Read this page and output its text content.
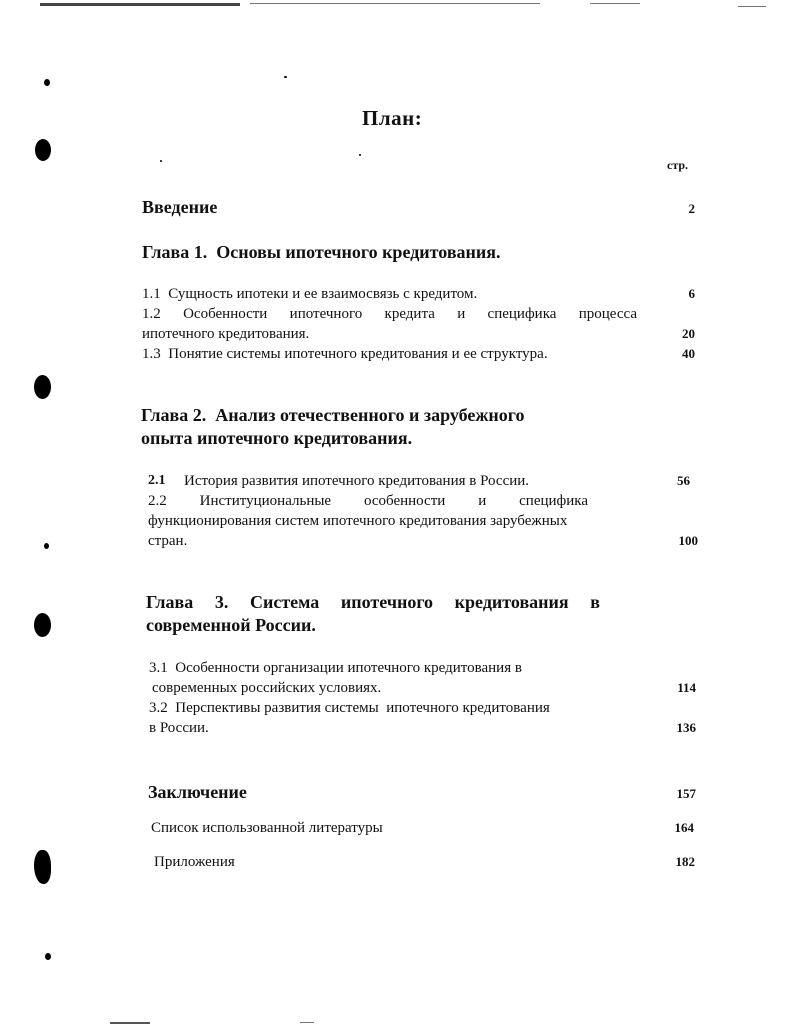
План:
стр.
Введение	2
Глава 1.  Основы ипотечного кредитования.
1.1  Сущность ипотеки и ее взаимосвязь с кредитом.	6
1.2 Особенности ипотечного кредита и специфика процесса
ипотечного кредитования.	20
1.3  Понятие системы ипотечного кредитования и ее структура.	40
Глава 2.  Анализ отечественного и зарубежного
опыта ипотечного кредитования.
2.1 История развития ипотечного кредитования в России.	56
2.2 Институциональные особенности и специфика
функционирования систем ипотечного кредитования зарубежных
стран.	100
Глава 3. Система ипотечного кредитования в
современной России.
3.1  Особенности организации ипотечного кредитования в
современных российских условиях.	114
3.2  Перспективы развития системы  ипотечного кредитования
в России.	136
Заключение	157
Список использованной литературы	164
Приложения	182
